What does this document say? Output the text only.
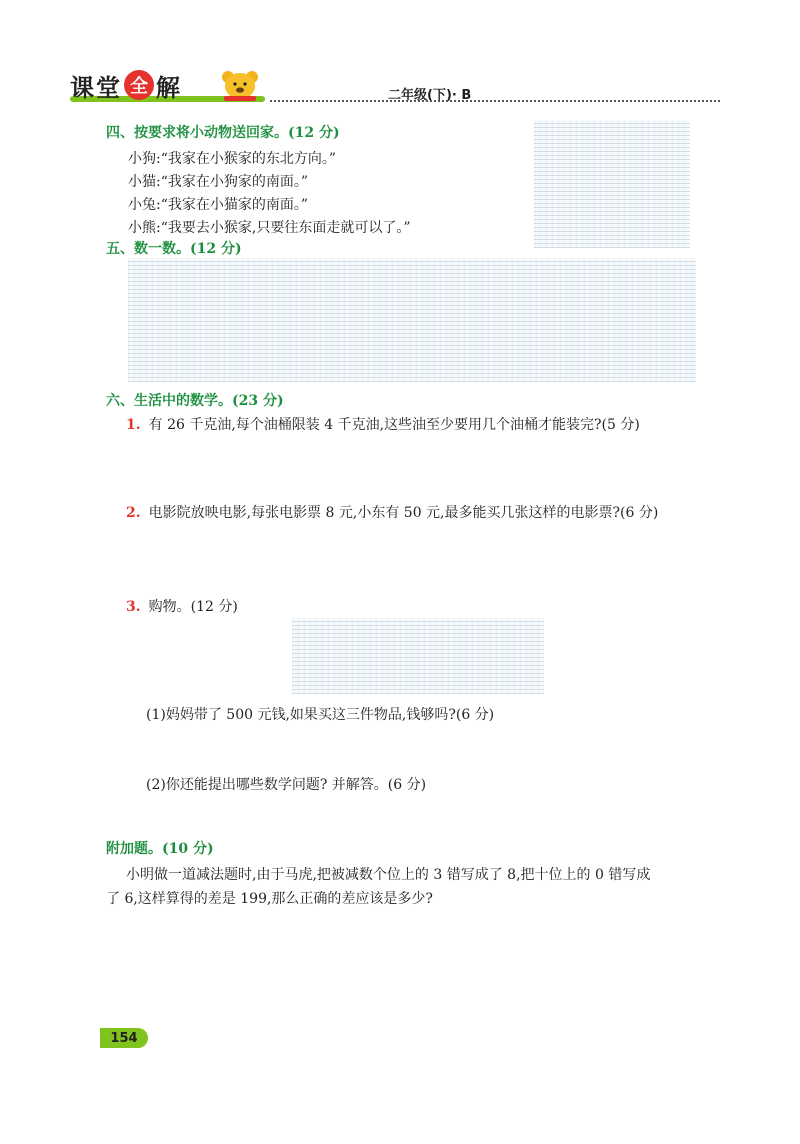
课 堂 全 解	二年级(下)· B
四、按要求将小动物送回家。(12 分)
小狗:“我家在小猴家的东北方向。”
小猫:“我家在小狗家的南面。”
小兔:“我家在小猫家的南面。”
小熊:“我要去小猴家,只要往东面走就可以了。”
五、数一数。(12 分)
六、生活中的数学。(23 分)
1. 有 26 千克油,每个油桶限装 4 千克油,这些油至少要用几个油桶才能装完?(5 分)
2. 电影院放映电影,每张电影票 8 元,小东有 50 元,最多能买几张这样的电影票?(6 分)
3. 购物。(12 分)
(1)妈妈带了 500 元钱,如果买这三件物品,钱够吗?(6 分)
(2)你还能提出哪些数学问题? 并解答。(6 分)
附加题。(10 分)
小明做一道减法题时,由于马虎,把被减数个位上的 3 错写成了 8,把十位上的 0 错写成
了 6,这样算得的差是 199,那么正确的差应该是多少?
154
